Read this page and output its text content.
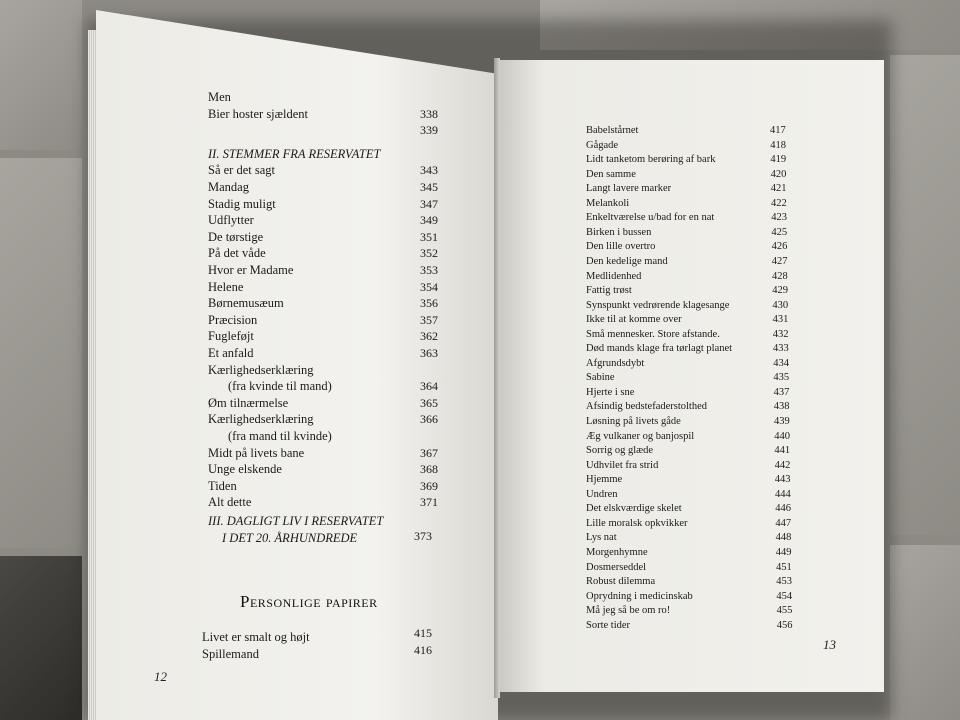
Men
Bier hoster sjældent	338
339
II. STEMMER FRA RESERVATET
Så er det sagt	343
Mandag	345
Stadig muligt	347
Udflytter	349
De tørstige	351
På det våde	352
Hvor er Madame	353
Helene	354
Børnemusæum	356
Præcision	357
Fugleføjt	362
Et anfald	363
Kærlighedserklæring
(fra kvinde til mand)	364
Øm tilnærmelse	365
Kærlighedserklæring	366
(fra mand til kvinde)
Midt på livets bane	367
Unge elskende	368
Tiden	369
Alt dette	371
III. DAGLIGT LIV I RESERVATET
I DET 20. ÅRHUNDREDE	373
Personlige papirer
Livet er smalt og højt	415
Spillemand	416
12
Babelstårnet	417
Gågade	418
Lidt tanketom berøring af bark	419
Den samme	420
Langt lavere marker	421
Melankoli	422
Enkeltværelse u/bad for en nat	423
Birken i bussen	425
Den lille overtro	426
Den kedelige mand	427
Medlidenhed	428
Fattig trøst	429
Synspunkt vedrørende klagesange	430
Ikke til at komme over	431
Små mennesker. Store afstande.	432
Død mands klage fra tørlagt planet	433
Afgrundsdybt	434
Sabine	435
Hjerte i sne	437
Afsindig bedstefaderstolthed	438
Løsning på livets gåde	439
Æg vulkaner og banjospil	440
Sorrig og glæde	441
Udhvilet fra strid	442
Hjemme	443
Undren	444
Det elskværdige skelet	446
Lille moralsk opkvikker	447
Lys nat	448
Morgenhymne	449
Dosmerseddel	451
Robust dilemma	453
Oprydning i medicinskab	454
Må jeg så be om ro!	455
Sorte tider	456
13
